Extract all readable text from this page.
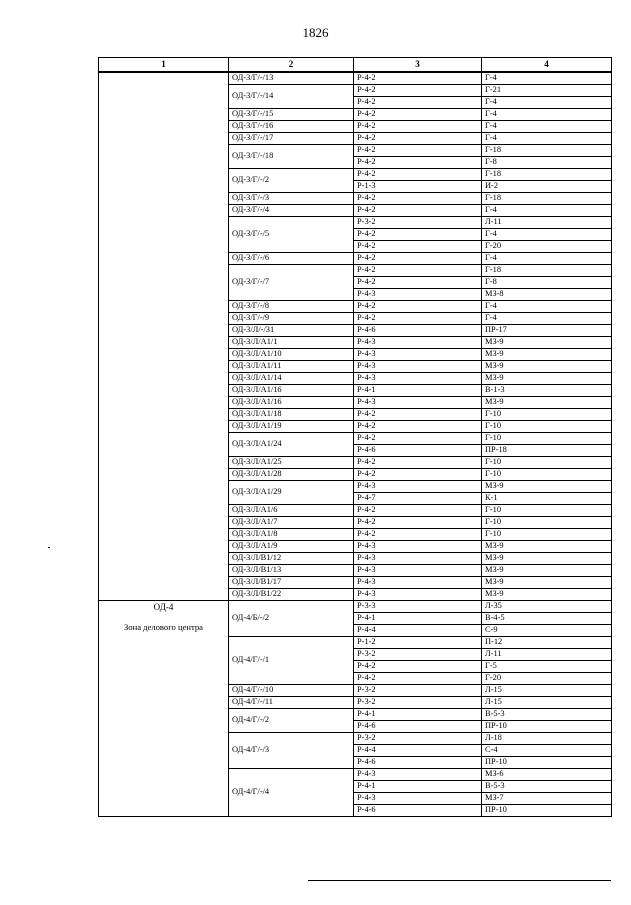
1826
1	2	3	4

	ОД-3/Г/-/13	Р-4-2	Г-4
	ОД-3/Г/-/14	Р-4-2	Г-21
		Р-4-2	Г-4
	ОД-3/Г/-/15	Р-4-2	Г-4
	ОД-3/Г/-/16	Р-4-2	Г-4
	ОД-3/Г/-/17	Р-4-2	Г-4
	ОД-3/Г/-/18	Р-4-2	Г-18
		Р-4-2	Г-8
	ОД-3/Г/-/2	Р-4-2	Г-18
		Р-1-3	И-2
	ОД-3/Г/-/3	Р-4-2	Г-18
	ОД-3/Г/-/4	Р-4-2	Г-4
	ОД-3/Г/-/5	Р-3-2	Л-11
		Р-4-2	Г-4
		Р-4-2	Г-20
	ОД-3/Г/-/6	Р-4-2	Г-4
	ОД-3/Г/-/7	Р-4-2	Г-18
		Р-4-2	Г-8
		Р-4-3	МЗ-8
	ОД-3/Г/-/8	Р-4-2	Г-4
	ОД-3/Г/-/9	Р-4-2	Г-4
	ОД-3/Л/-/31	Р-4-6	ПР-17
	ОД-3/Л/А1/1	Р-4-3	МЗ-9
	ОД-3/Л/А1/10	Р-4-3	МЗ-9
	ОД-3/Л/А1/11	Р-4-3	МЗ-9
	ОД-3/Л/А1/14	Р-4-3	МЗ-9
	ОД-3/Л/А1/16	Р-4-1	В-1-3
	ОД-3/Л/А1/16	Р-4-3	МЗ-9
	ОД-3/Л/А1/18	Р-4-2	Г-10
	ОД-3/Л/А1/19	Р-4-2	Г-10
	ОД-3/Л/А1/24	Р-4-2	Г-10
		Р-4-6	ПР-18
	ОД-3/Л/А1/25	Р-4-2	Г-10
	ОД-3/Л/А1/28	Р-4-2	Г-10
	ОД-3/Л/А1/29	Р-4-3	МЗ-9
		Р-4-7	К-1
	ОД-3/Л/А1/6	Р-4-2	Г-10
	ОД-3/Л/А1/7	Р-4-2	Г-10
	ОД-3/Л/А1/8	Р-4-2	Г-10
	ОД-3/Л/А1/9	Р-4-3	МЗ-9
	ОД-3/Л/В1/12	Р-4-3	МЗ-9
	ОД-3/Л/В1/13	Р-4-3	МЗ-9
	ОД-3/Л/В1/17	Р-4-3	МЗ-9
	ОД-3/Л/В1/22	Р-4-3	МЗ-9

ОД-4
Зона делового центра	ОД-4/Б/-/2	Р-3-3	Л-35
		Р-4-1	В-4-5
		Р-4-4	С-9
	ОД-4/Г/-/1	Р-1-2	П-12
		Р-3-2	Л-11
		Р-4-2	Г-5
		Р-4-2	Г-20
	ОД-4/Г/-/10	Р-3-2	Л-15
	ОД-4/Г/-/11	Р-3-2	Л-15
	ОД-4/Г/-/2	Р-4-1	В-5-3
		Р-4-6	ПР-10
	ОД-4/Г/-/3	Р-3-2	Л-18
		Р-4-4	С-4
		Р-4-6	ПР-10
	ОД-4/Г/-/4	Р-4-3	МЗ-6
		Р-4-1	В-5-3
		Р-4-3	МЗ-7
		Р-4-6	ПР-10
